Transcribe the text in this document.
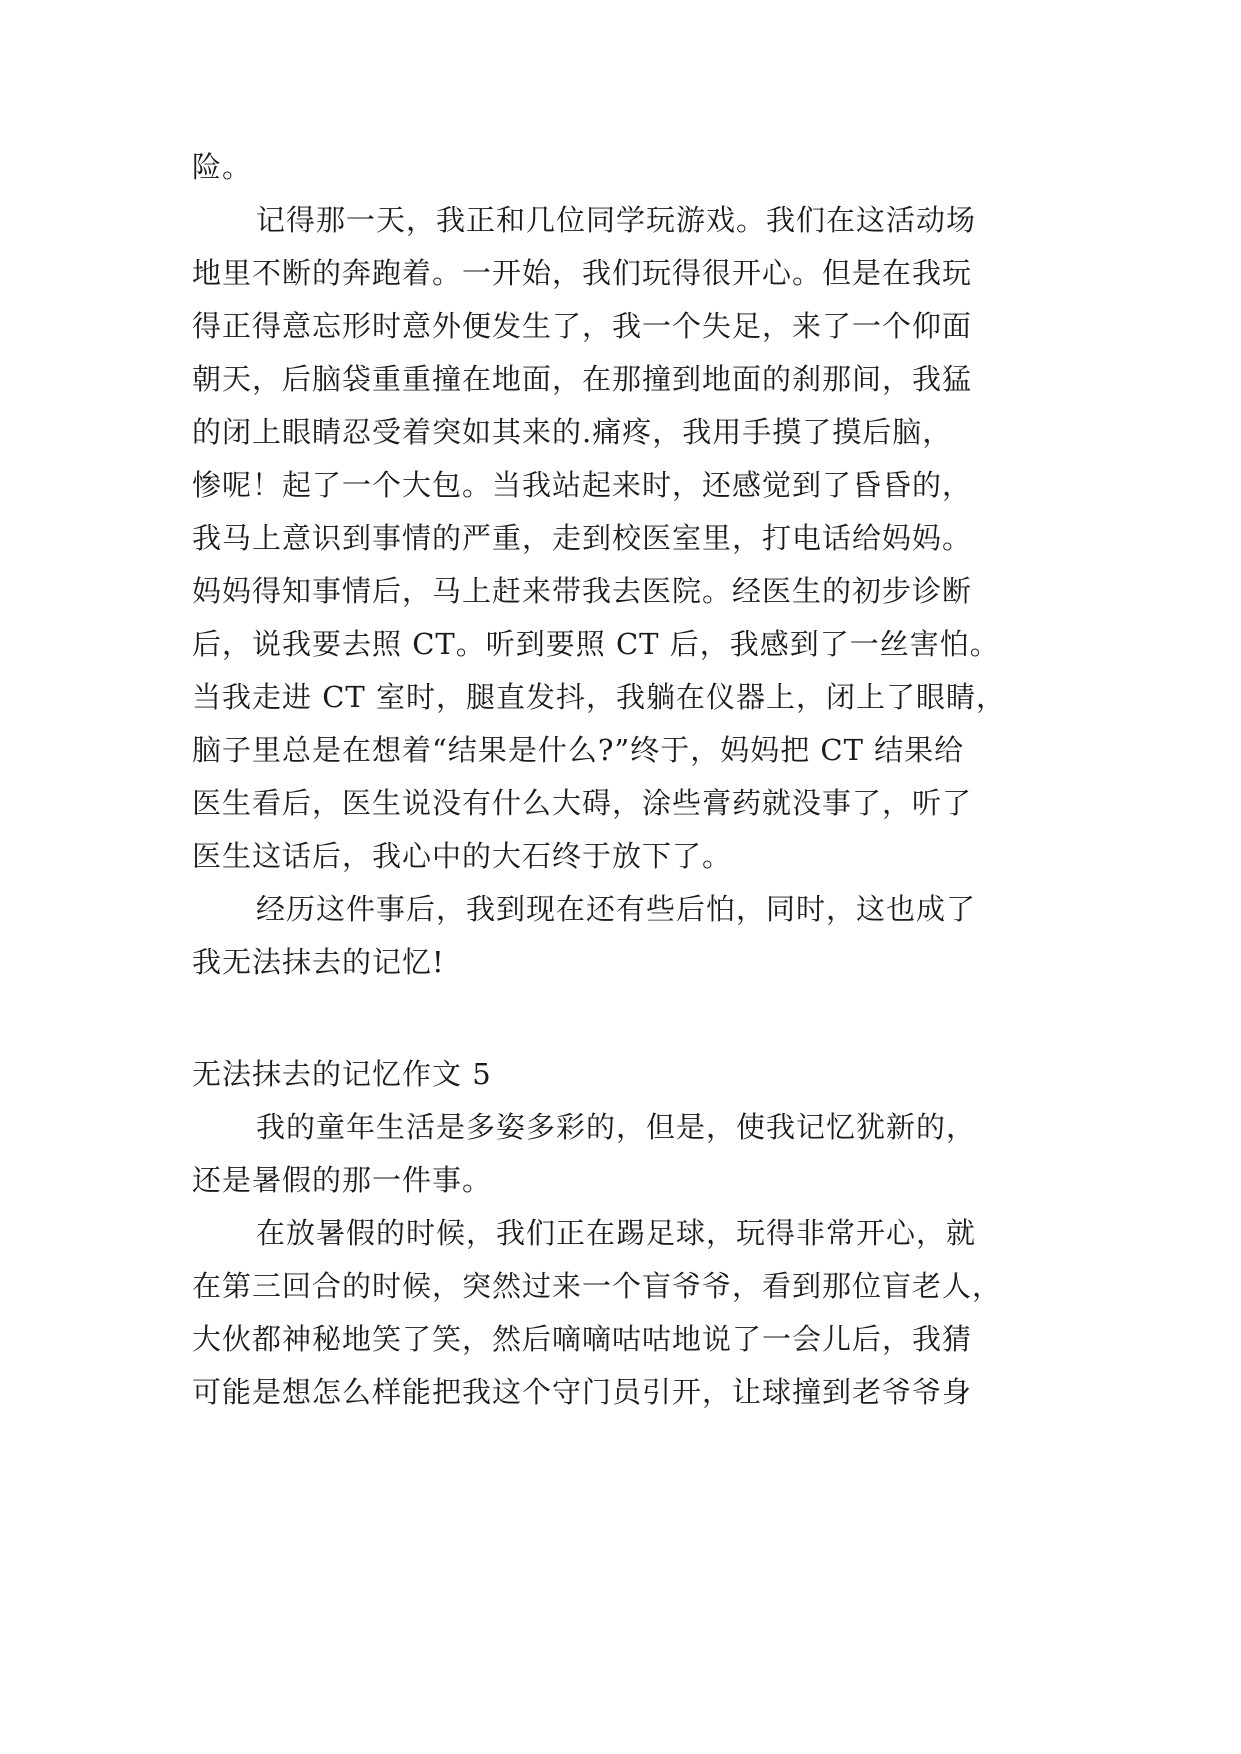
险。
记得那一天，我正和几位同学玩游戏。我们在这活动场
地里不断的奔跑着。一开始，我们玩得很开心。但是在我玩
得正得意忘形时意外便发生了，我一个失足，来了一个仰面
朝天，后脑袋重重撞在地面，在那撞到地面的刹那间，我猛
的闭上眼睛忍受着突如其来的.痛疼，我用手摸了摸后脑，
惨呢！起了一个大包。当我站起来时，还感觉到了昏昏的，
我马上意识到事情的严重，走到校医室里，打电话给妈妈。
妈妈得知事情后，马上赶来带我去医院。经医生的初步诊断
后，说我要去照 CT。听到要照 CT 后，我感到了一丝害怕。
当我走进 CT 室时，腿直发抖，我躺在仪器上，闭上了眼睛，
脑子里总是在想着“结果是什么?”终于，妈妈把 CT 结果给
医生看后，医生说没有什么大碍，涂些膏药就没事了，听了
医生这话后，我心中的大石终于放下了。
经历这件事后，我到现在还有些后怕，同时，这也成了
我无法抹去的记忆!
无法抹去的记忆作文 5
我的童年生活是多姿多彩的，但是，使我记忆犹新的，
还是暑假的那一件事。
在放暑假的时候，我们正在踢足球，玩得非常开心，就
在第三回合的时候，突然过来一个盲爷爷，看到那位盲老人，
大伙都神秘地笑了笑，然后嘀嘀咕咕地说了一会儿后，我猜
可能是想怎么样能把我这个守门员引开，让球撞到老爷爷身
